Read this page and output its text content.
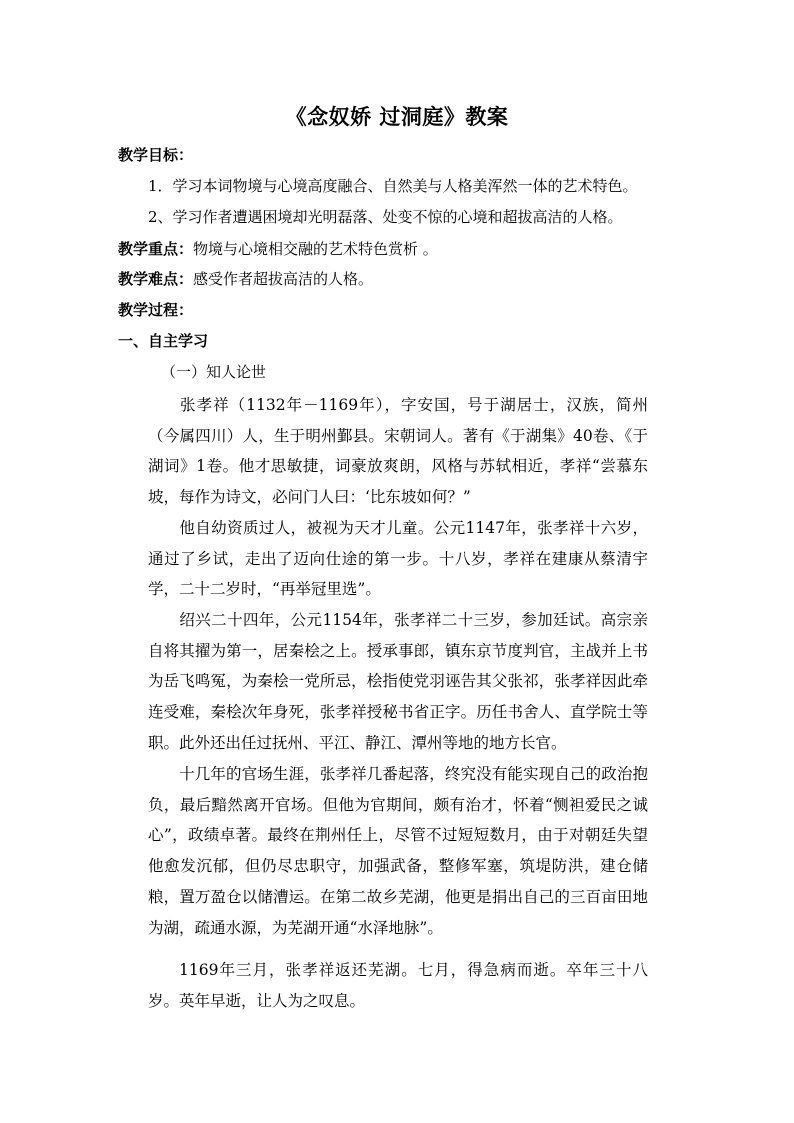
《念奴娇 过洞庭》教案
教学目标：
1．学习本词物境与心境高度融合、自然美与人格美浑然一体的艺术特色。
2、学习作者遭遇困境却光明磊落、处变不惊的心境和超拔高洁的人格。
教学重点：物境与心境相交融的艺术特色赏析 。
教学难点：感受作者超拔高洁的人格。
教学过程：
一、自主学习
（一）知人论世

张孝祥（1132年－1169年），字安国，号于湖居士，汉族，简州（今属四川）人，生于明州鄞县。宋朝词人。著有《于湖集》40卷、《于湖词》1卷。他才思敏捷，词豪放爽朗，风格与苏轼相近，孝祥“尝慕东坡，每作为诗文，必问门人曰：‘比东坡如何？”

他自幼资质过人，被视为天才儿童。公元1147年，张孝祥十六岁，通过了乡试，走出了迈向仕途的第一步。十八岁，孝祥在建康从蔡清宇学，二十二岁时，“再举冠里选”。

绍兴二十四年，公元1154年，张孝祥二十三岁，参加廷试。高宗亲自将其擢为第一，居秦桧之上。授承事郎，镇东京节度判官，主战并上书为岳飞鸣冤，为秦桧一党所忌，桧指使党羽诬告其父张祁，张孝祥因此牵连受难，秦桧次年身死，张孝祥授秘书省正字。历任书舍人、直学院士等职。此外还出任过抚州、平江、静江、潭州等地的地方长官。

十几年的官场生涯，张孝祥几番起落，终究没有能实现自己的政治抱负，最后黯然离开官场。但他为官期间，颇有治才，怀着“恻袒爱民之诚心”，政绩卓著。最终在荆州任上，尽管不过短短数月，由于对朝廷失望他愈发沉郁，但仍尽忠职守，加强武备，整修军塞，筑堤防洪，建仓储粮，置万盈仓以储漕运。在第二故乡芜湖，他更是捐出自己的三百亩田地为湖，疏通水源，为芜湖开通“水泽地脉”。

1169年三月，张孝祥返还芜湖。七月，得急病而逝。卒年三十八岁。英年早逝，让人为之叹息。
